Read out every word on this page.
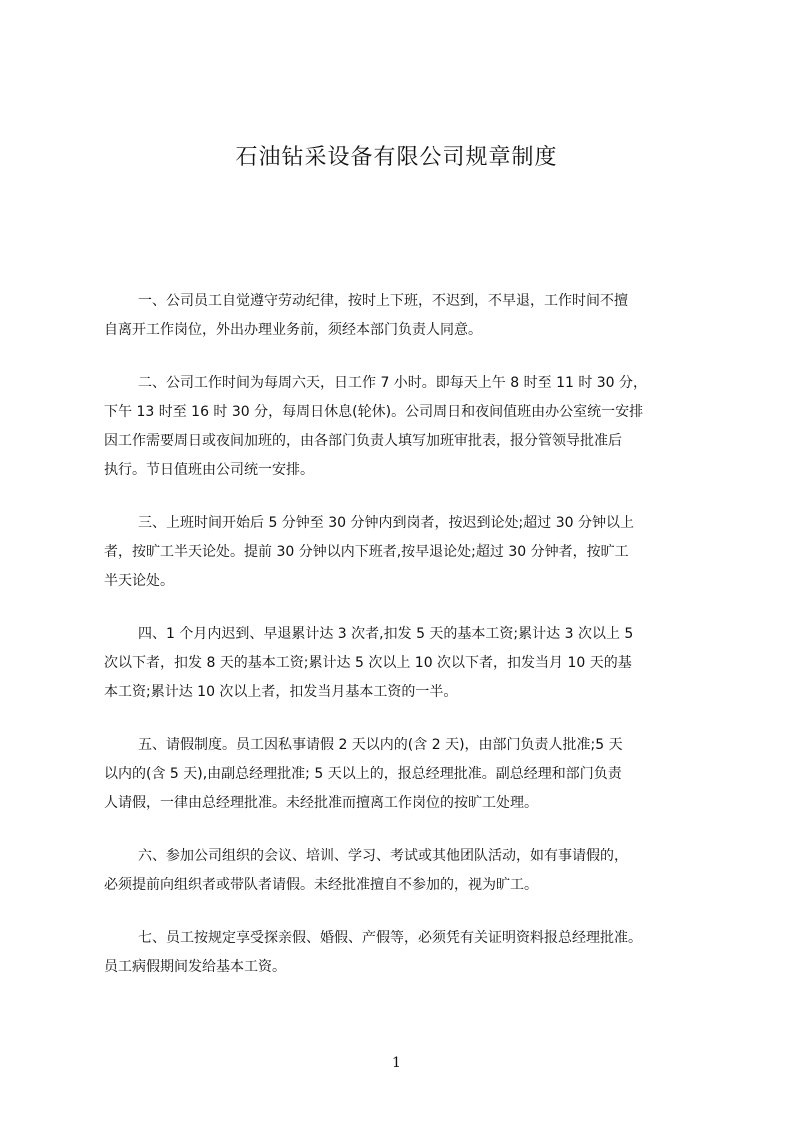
石油钻采设备有限公司规章制度

一、公司员工自觉遵守劳动纪律，按时上下班，不迟到，不早退，工作时间不擅
自离开工作岗位，外出办理业务前，须经本部门负责人同意。

二、公司工作时间为每周六天，日工作 7 小时。即每天上午 8 时至 11 时 30 分，
下午 13 时至 16 时 30 分，每周日休息(轮休)。公司周日和夜间值班由办公室统一安排
因工作需要周日或夜间加班的，由各部门负责人填写加班审批表，报分管领导批准后
执行。节日值班由公司统一安排。

三、上班时间开始后 5 分钟至 30 分钟内到岗者，按迟到论处;超过 30 分钟以上
者，按旷工半天论处。提前 30 分钟以内下班者,按早退论处;超过 30 分钟者，按旷工
半天论处。

四、1 个月内迟到、早退累计达 3 次者,扣发 5 天的基本工资;累计达 3 次以上 5
次以下者，扣发 8 天的基本工资;累计达 5 次以上 10 次以下者，扣发当月 10 天的基
本工资;累计达 10 次以上者，扣发当月基本工资的一半。

五、请假制度。员工因私事请假 2 天以内的(含 2 天)，由部门负责人批准;5 天
以内的(含 5 天),由副总经理批准; 5 天以上的，报总经理批准。副总经理和部门负责
人请假，一律由总经理批准。未经批准而擅离工作岗位的按旷工处理。

六、参加公司组织的会议、培训、学习、考试或其他团队活动，如有事请假的，
必须提前向组织者或带队者请假。未经批准擅自不参加的，视为旷工。

七、员工按规定享受探亲假、婚假、产假等，必须凭有关证明资料报总经理批准。
员工病假期间发给基本工资。

1
